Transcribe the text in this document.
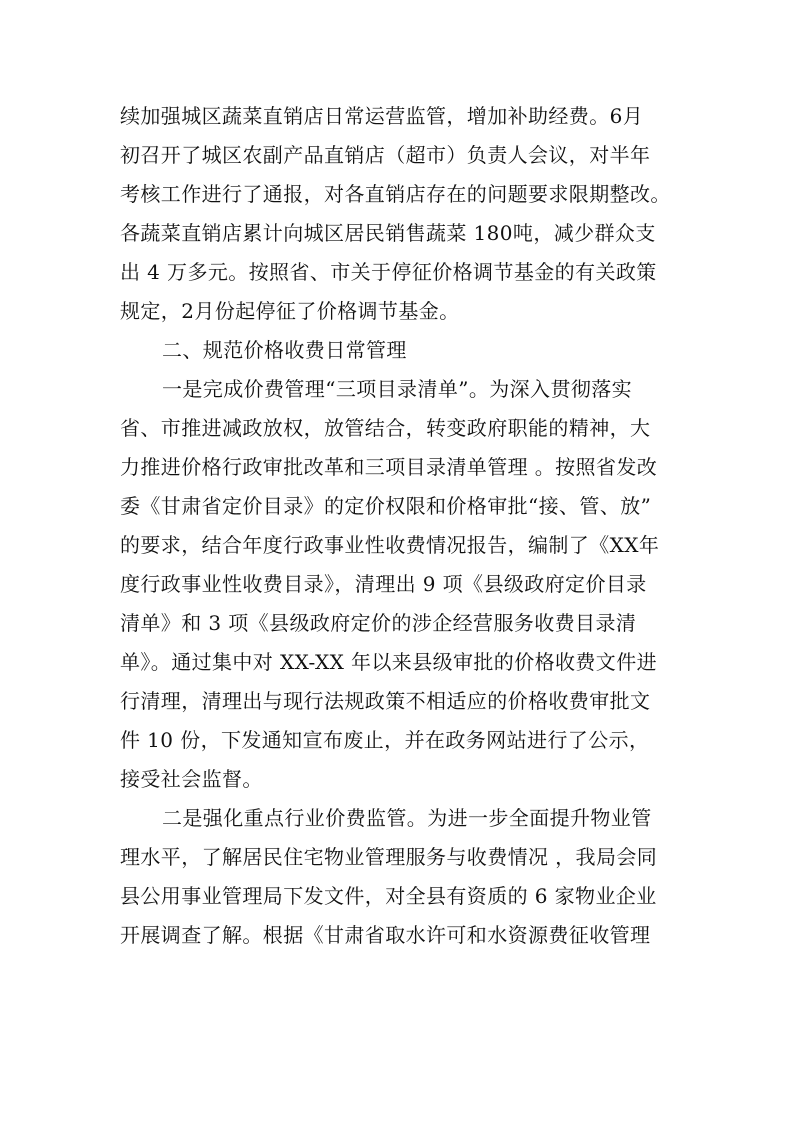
续加强城区蔬菜直销店日常运营监管，增加补助经费。6月
初召开了城区农副产品直销店（超市）负责人会议，对半年
考核工作进行了通报，对各直销店存在的问题要求限期整改。
各蔬菜直销店累计向城区居民销售蔬菜 180吨，减少群众支
出 4 万多元。按照省、市关于停征价格调节基金的有关政策
规定，2月份起停征了价格调节基金。
二、规范价格收费日常管理
一是完成价费管理“三项目录清单”。为深入贯彻落实
省、市推进减政放权，放管结合，转变政府职能的精神，大
力推进价格行政审批改革和三项目录清单管理 。按照省发改
委《甘肃省定价目录》的定价权限和价格审批“接、管、放”
的要求，结合年度行政事业性收费情况报告，编制了《XX年
度行政事业性收费目录》，清理出 9 项《县级政府定价目录
清单》和 3 项《县级政府定价的涉企经营服务收费目录清
单》。通过集中对 XX-XX 年以来县级审批的价格收费文件进
行清理，清理出与现行法规政策不相适应的价格收费审批文
件 10 份，下发通知宣布废止，并在政务网站进行了公示，
接受社会监督。
二是强化重点行业价费监管。为进一步全面提升物业管
理水平，了解居民住宅物业管理服务与收费情况 ，我局会同
县公用事业管理局下发文件，对全县有资质的 6 家物业企业
开展调查了解。根据《甘肃省取水许可和水资源费征收管理
